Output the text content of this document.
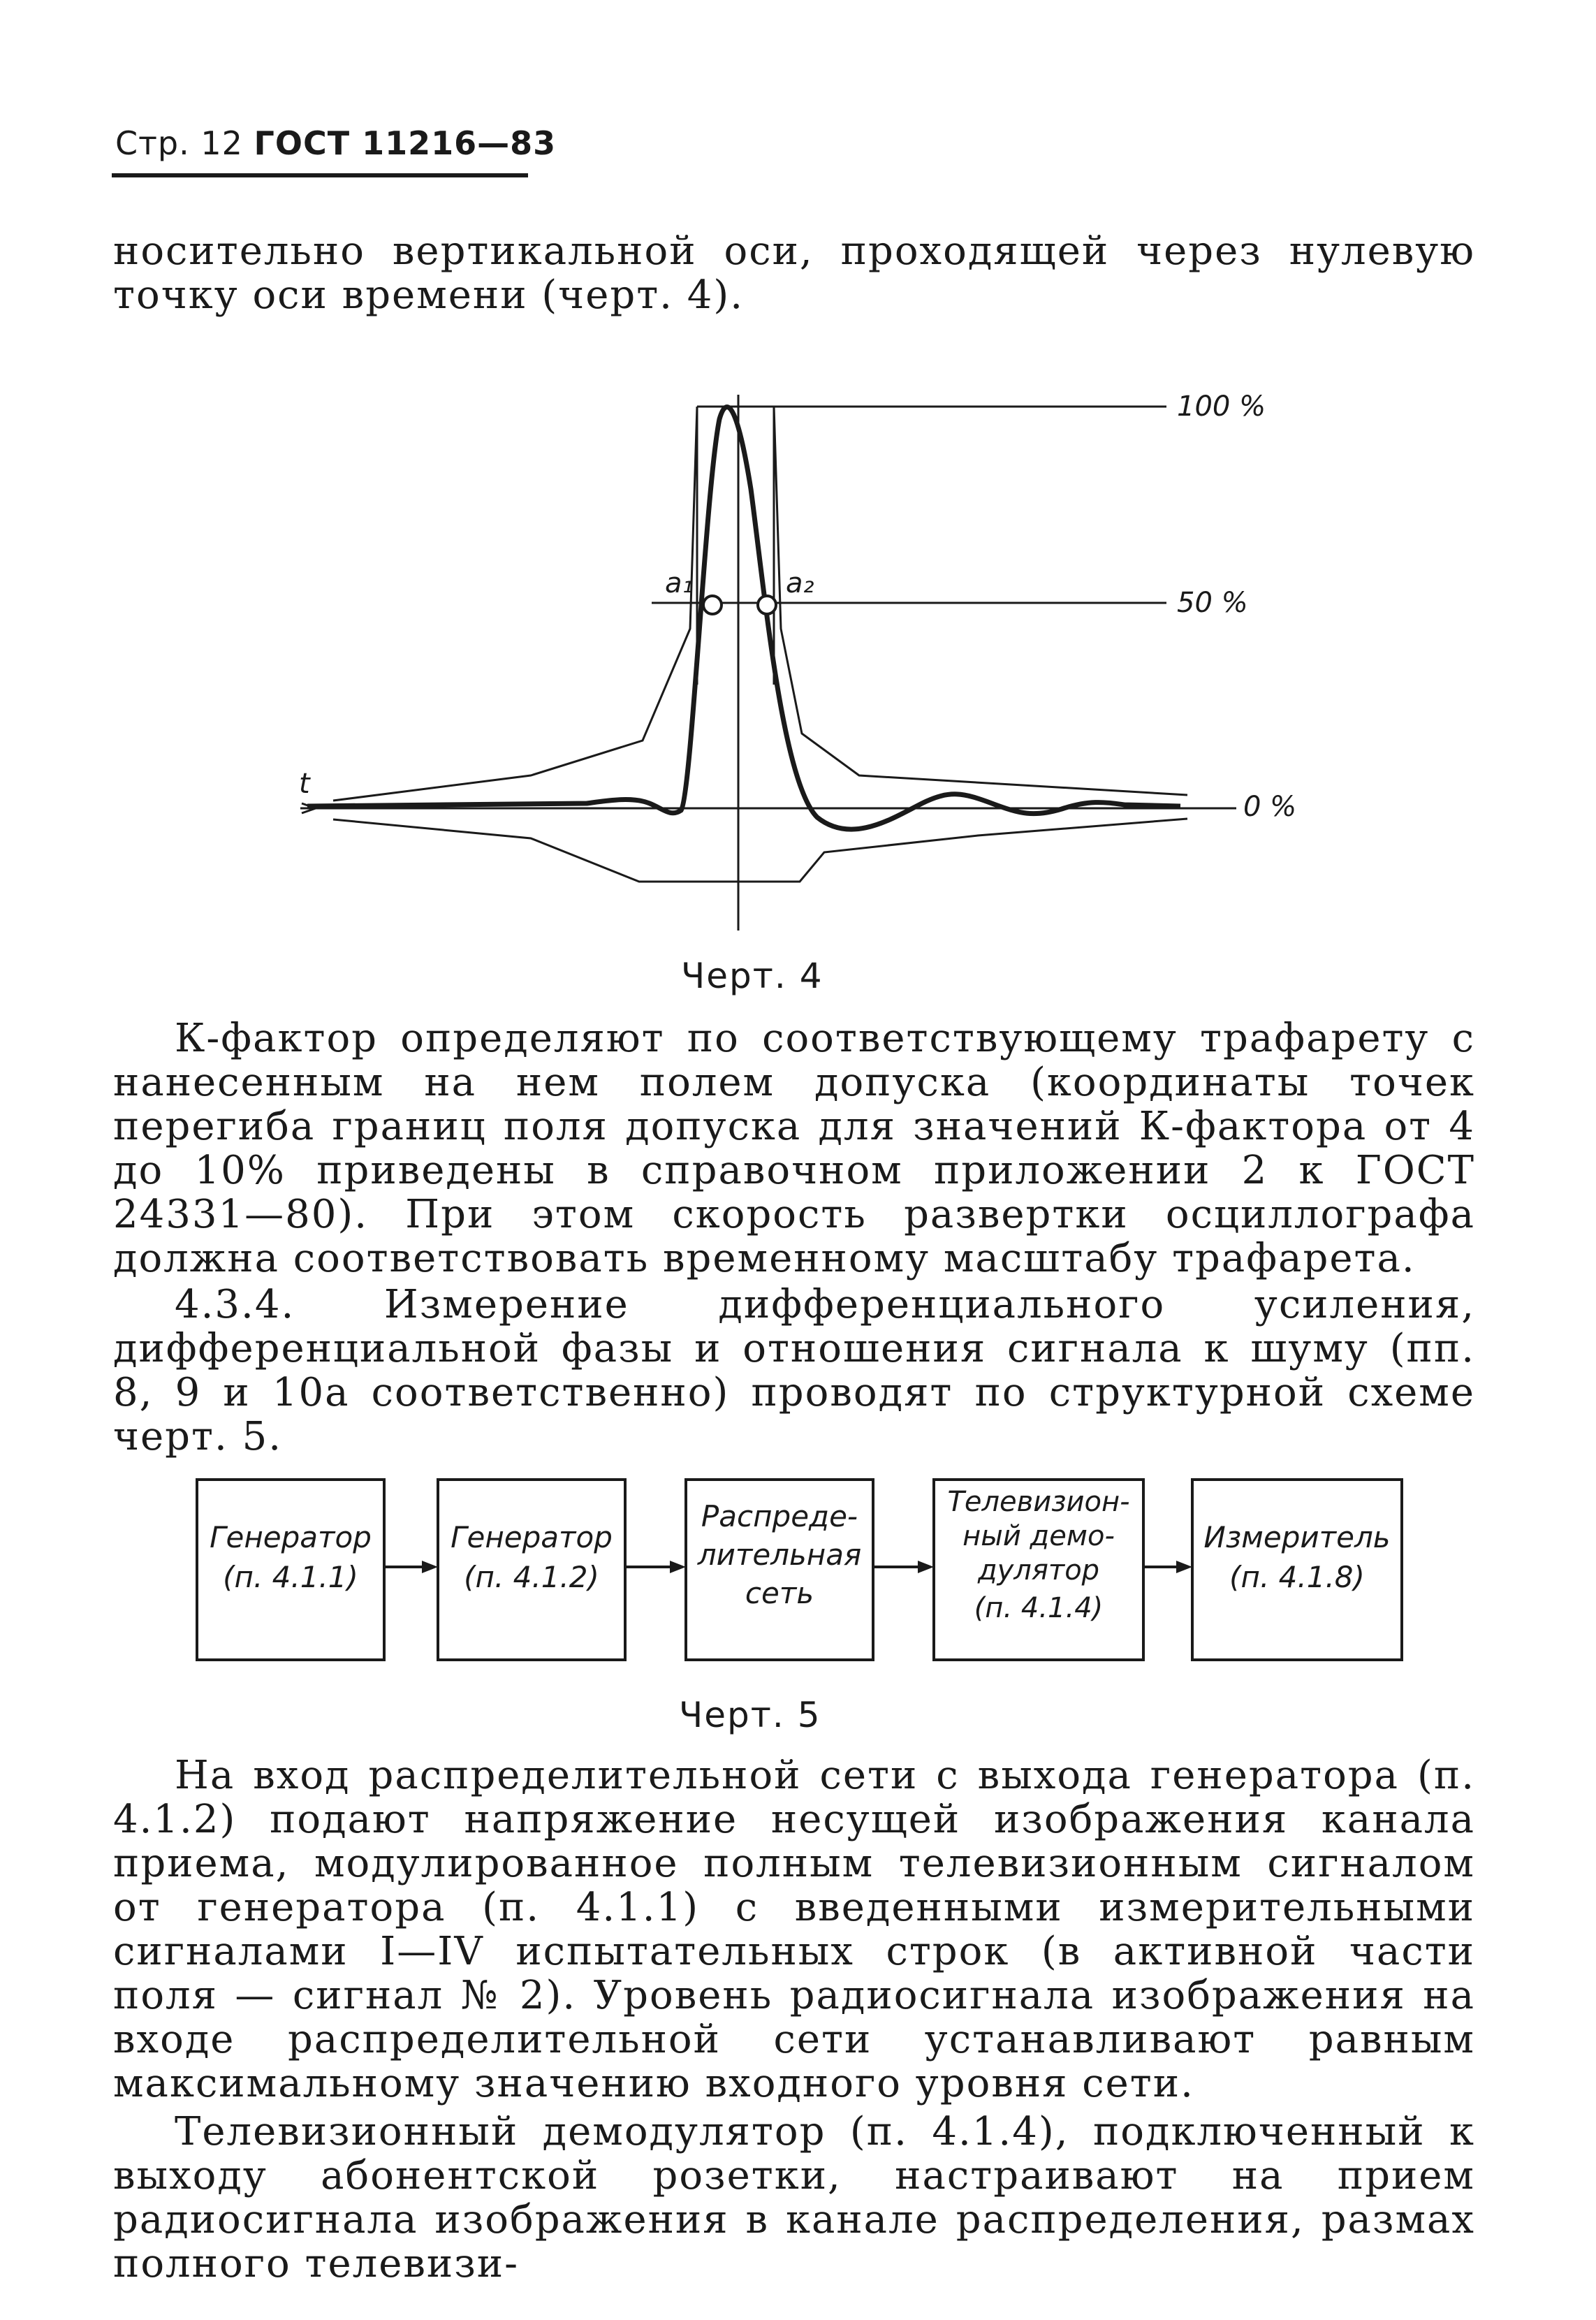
Стр. 12 ГОСТ 11216—83
носительно вертикальной оси, проходящей через нулевую точку оси времени (черт. 4).
100 %
50 %
0 %
a₁	a₂
t
Черт. 4
К-фактор определяют по соответствующему трафарету с нанесенным на нем полем допуска (координаты точек перегиба границ поля допуска для значений К-фактора от 4 до 10% приведены в справочном приложении 2 к ГОСТ 24331—80). При этом скорость развертки осциллографа должна соответствовать временному масштабу трафарета.
4.3.4. Измерение дифференциального усиления, дифференциальной фазы и отношения сигнала к шуму (пп. 8, 9 и 10а соответственно) проводят по структурной схеме черт. 5.
Генератор
(п. 4.1.1)
Генератор
(п. 4.1.2)
Распреде-
лительная
сеть
Телевизион-
ный демо-
дулятор
(п. 4.1.4)
Измеритель
(п. 4.1.8)
Черт. 5
На вход распределительной сети с выхода генератора (п. 4.1.2) подают напряжение несущей изображения канала приема, модулированное полным телевизионным сигналом от генератора (п. 4.1.1) с введенными измерительными сигналами I—IV испытательных строк (в активной части поля — сигнал № 2). Уровень радиосигнала изображения на входе распределительной сети устанавливают равным максимальному значению входного уровня сети.
Телевизионный демодулятор (п. 4.1.4), подключенный к выходу абонентской розетки, настраивают на прием радиосигнала изображения в канале распределения, размах полного телевизи-
